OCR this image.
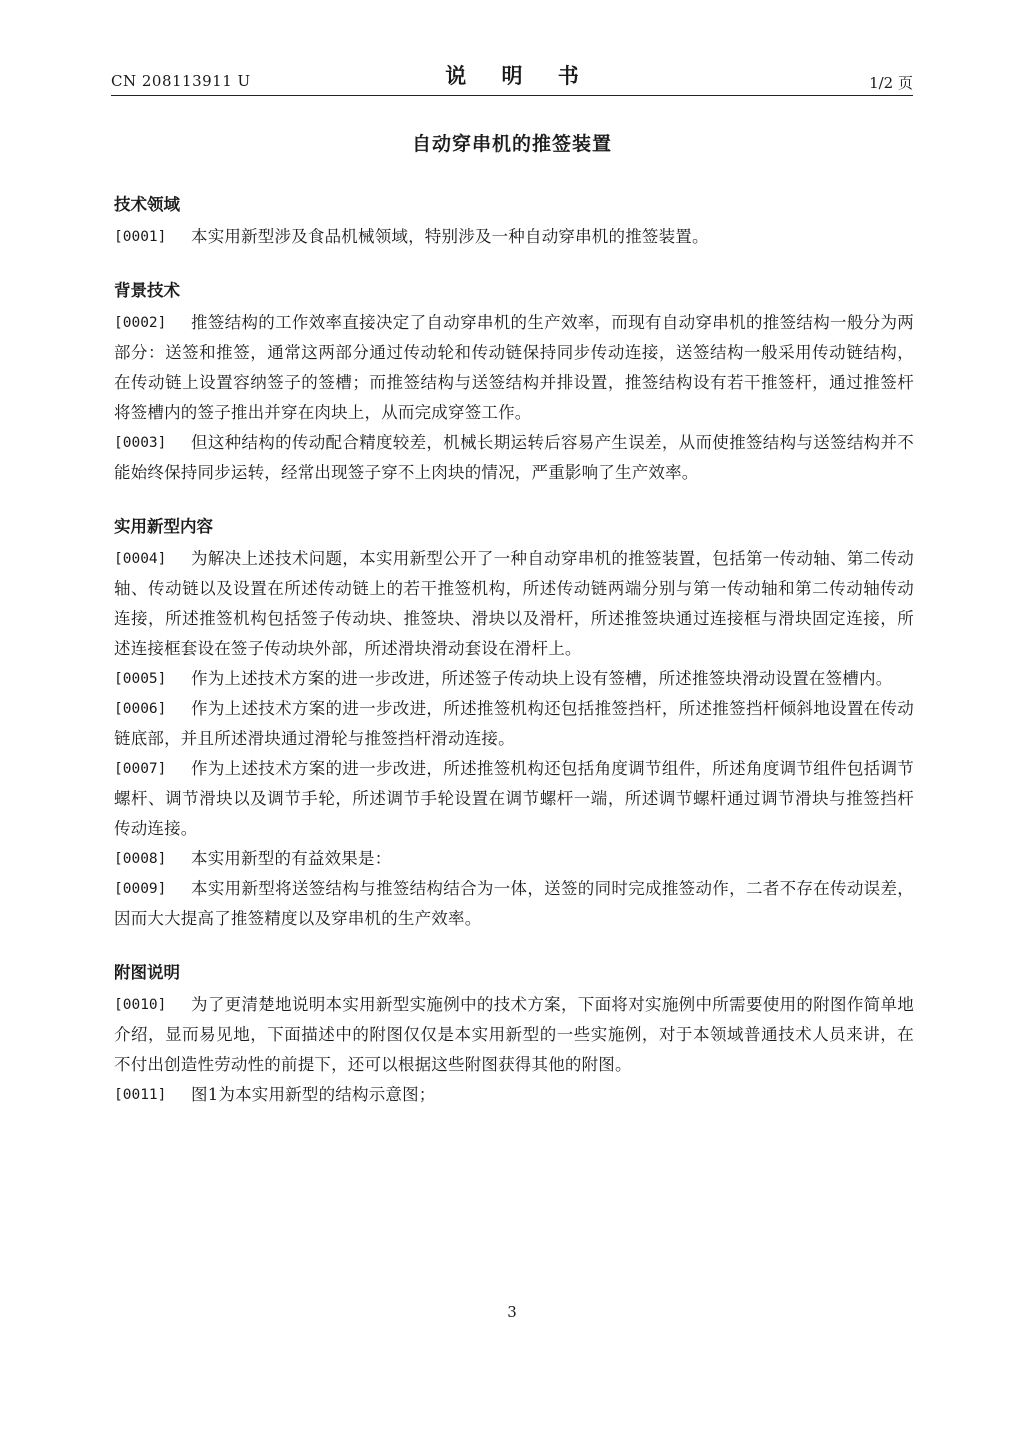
CN 208113911 U	说 明 书	1/2 页
自动穿串机的推签装置
技术领域

[0001] 本实用新型涉及食品机械领域，特别涉及一种自动穿串机的推签装置。

背景技术

[0002] 推签结构的工作效率直接决定了自动穿串机的生产效率，而现有自动穿串机的推签结构一般分为两部分：送签和推签，通常这两部分通过传动轮和传动链保持同步传动连接，送签结构一般采用传动链结构，在传动链上设置容纳签子的签槽；而推签结构与送签结构并排设置，推签结构设有若干推签杆，通过推签杆将签槽内的签子推出并穿在肉块上，从而完成穿签工作。

[0003] 但这种结构的传动配合精度较差，机械长期运转后容易产生误差，从而使推签结构与送签结构并不能始终保持同步运转，经常出现签子穿不上肉块的情况，严重影响了生产效率。

实用新型内容

[0004] 为解决上述技术问题，本实用新型公开了一种自动穿串机的推签装置，包括第一传动轴、第二传动轴、传动链以及设置在所述传动链上的若干推签机构，所述传动链两端分别与第一传动轴和第二传动轴传动连接，所述推签机构包括签子传动块、推签块、滑块以及滑杆，所述推签块通过连接框与滑块固定连接，所述连接框套设在签子传动块外部，所述滑块滑动套设在滑杆上。

[0005] 作为上述技术方案的进一步改进，所述签子传动块上设有签槽，所述推签块滑动设置在签槽内。

[0006] 作为上述技术方案的进一步改进，所述推签机构还包括推签挡杆，所述推签挡杆倾斜地设置在传动链底部，并且所述滑块通过滑轮与推签挡杆滑动连接。

[0007] 作为上述技术方案的进一步改进，所述推签机构还包括角度调节组件，所述角度调节组件包括调节螺杆、调节滑块以及调节手轮，所述调节手轮设置在调节螺杆一端，所述调节螺杆通过调节滑块与推签挡杆传动连接。

[0008] 本实用新型的有益效果是：

[0009] 本实用新型将送签结构与推签结构结合为一体，送签的同时完成推签动作，二者不存在传动误差，因而大大提高了推签精度以及穿串机的生产效率。

附图说明

[0010] 为了更清楚地说明本实用新型实施例中的技术方案，下面将对实施例中所需要使用的附图作简单地介绍，显而易见地，下面描述中的附图仅仅是本实用新型的一些实施例，对于本领域普通技术人员来讲，在不付出创造性劳动性的前提下，还可以根据这些附图获得其他的附图。

[0011] 图1为本实用新型的结构示意图；

3
